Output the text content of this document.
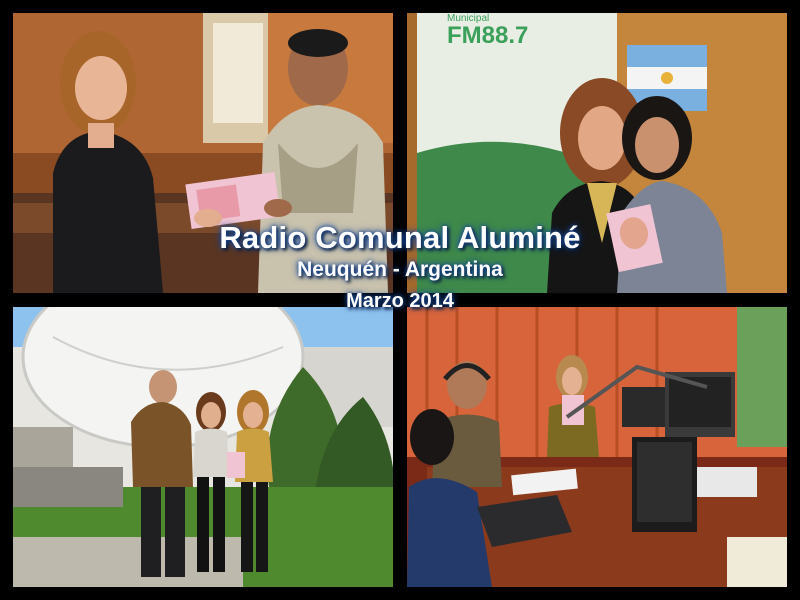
FM88.7
Municipal
Radio Comunal Aluminé
Neuquén - Argentina
Marzo 2014
